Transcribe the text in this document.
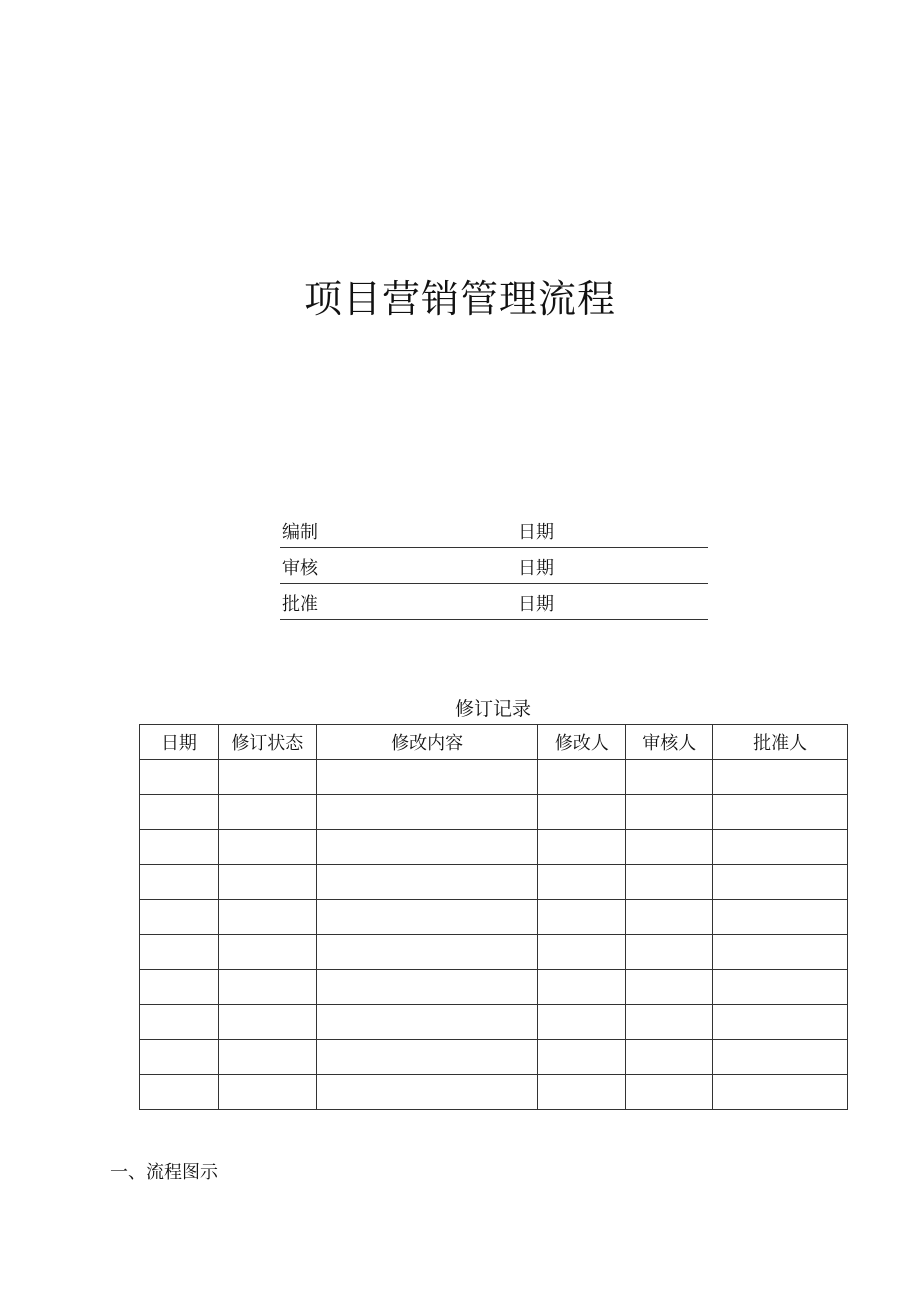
项目营销管理流程
编制	日期
审核	日期
批准	日期
修订记录
日期	修订状态	修改内容	修改人	审核人	批准人

一、流程图示
